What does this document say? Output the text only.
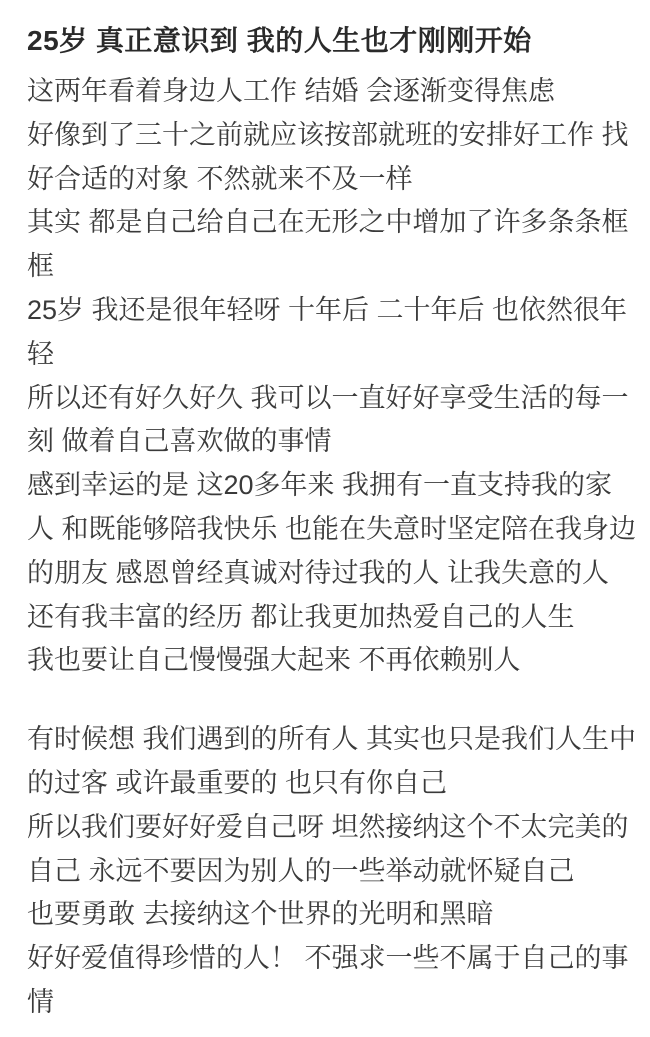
25岁 真正意识到 我的人生也才刚刚开始
这两年看着身边人工作 结婚 会逐渐变得焦虑
好像到了三十之前就应该按部就班的安排好工作 找
好合适的对象 不然就来不及一样
其实 都是自己给自己在无形之中增加了许多条条框
框
25岁 我还是很年轻呀 十年后 二十年后 也依然很年
轻
所以还有好久好久 我可以一直好好享受生活的每一
刻 做着自己喜欢做的事情
感到幸运的是 这20多年来 我拥有一直支持我的家
人 和既能够陪我快乐 也能在失意时坚定陪在我身边
的朋友 感恩曾经真诚对待过我的人 让我失意的人
还有我丰富的经历 都让我更加热爱自己的人生
我也要让自己慢慢强大起来 不再依赖别人
有时候想 我们遇到的所有人 其实也只是我们人生中
的过客 或许最重要的 也只有你自己
所以我们要好好爱自己呀 坦然接纳这个不太完美的
自己 永远不要因为别人的一些举动就怀疑自己
也要勇敢 去接纳这个世界的光明和黑暗
好好爱值得珍惜的人！ 不强求一些不属于自己的事
情
